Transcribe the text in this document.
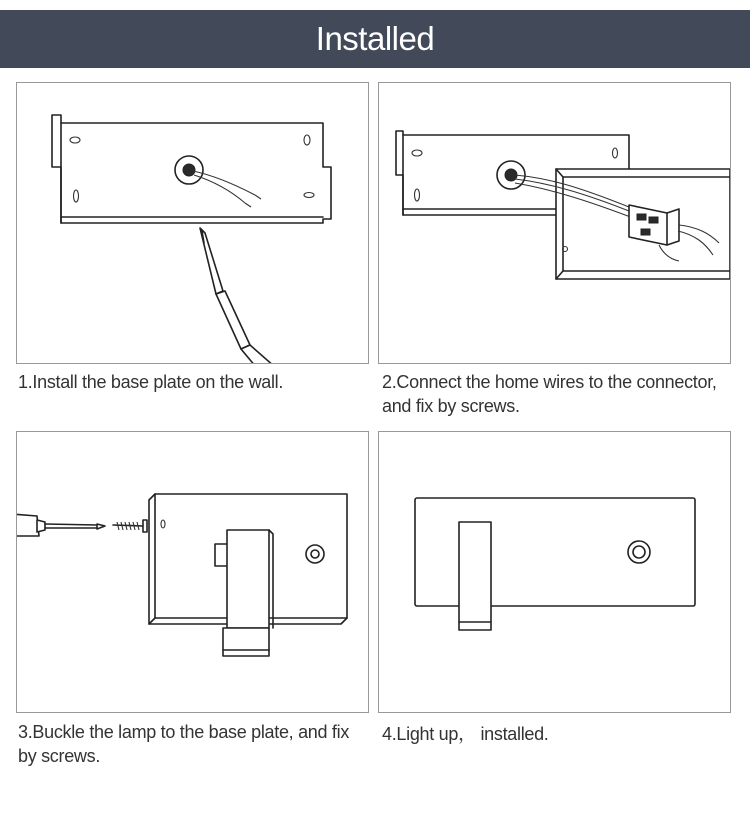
Installed
1.Install the base plate on the wall.	2.Connect the home wires to the connector, and fix by screws.
3.Buckle the lamp to the base plate, and fix by screws.
4.Light up， installed.
